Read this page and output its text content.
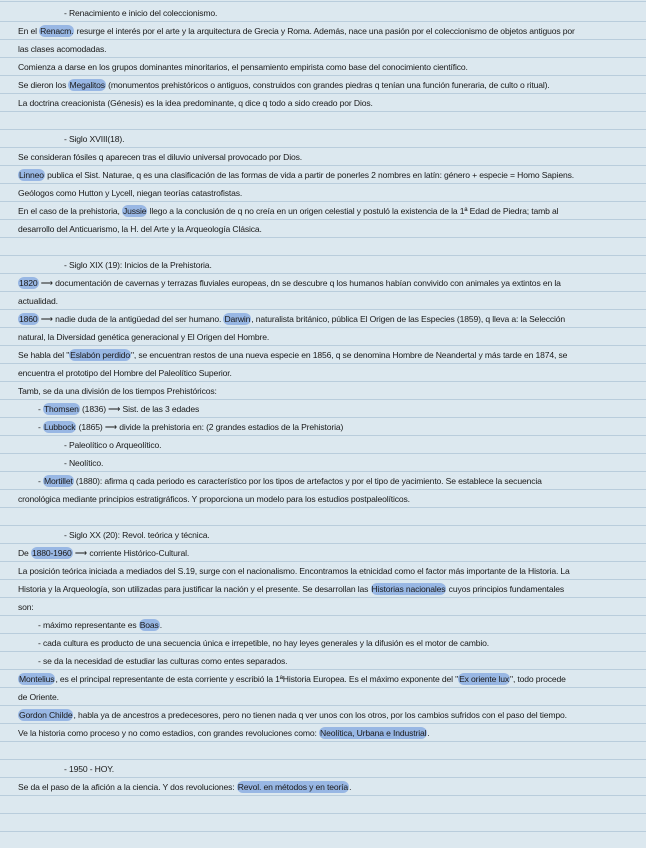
- Renacimiento e inicio del coleccionismo.
En el Renacm. resurge el interés por el arte y la arquitectura de Grecia y Roma. Además, nace una pasión por el coleccionismo de objetos antiguos por
las clases acomodadas.
Comienza a darse en los grupos dominantes minoritarios, el pensamiento empirista como base del conocimiento científico.
Se dieron los Megalitos (monumentos prehistóricos o antiguos, construidos con grandes piedras q tenían una función funeraria, de culto o ritual).
La doctrina creacionista (Génesis) es la idea predominante, q dice q todo a sido creado por Dios.
- Siglo XVIII(18).
Se consideran fósiles q aparecen tras el diluvio universal provocado por Dios.
Linneo publica el Sist. Naturae, q es una clasificación de las formas de vida a partir de ponerles 2 nombres en latín: género + especie = Homo Sapiens.
Geólogos como Hutton y Lycell, niegan teorías catastrofistas.
En el caso de la prehistoria, Jussie llego a la conclusión de q no creía en un origen celestial y postuló la existencia de la 1ª Edad de Piedra; tamb al
desarrollo del Anticuarismo, la H. del Arte y la Arqueología Clásica.
- Siglo XIX (19): Inicios de la Prehistoria.
1820 ⟶ documentación de cavernas y terrazas fluviales europeas, dn se descubre q los humanos habían convivido con animales ya extintos en la
actualidad.
1860 ⟶ nadie duda de la antigüedad del ser humano. Darwin, naturalista británico, pública El Origen de las Especies (1859), q lleva a: la Selección
natural, la Diversidad genética generacional y El Origen del Hombre.
Se habla del "Eslabón perdido", se encuentran restos de una nueva especie en 1856, q se denomina Hombre de Neandertal y más tarde en 1874, se
encuentra el prototipo del Hombre del Paleolítico Superior.
Tamb, se da una división de los tiempos Prehistóricos:
- Thomsen (1836) ⟶ Sist. de las 3 edades
- Lubbock (1865) ⟶ divide la prehistoria en: (2 grandes estadios de la Prehistoria)
- Paleolítico o Arqueolítico.
- Neolítico.
- Mortillet (1880): afirma q cada periodo es característico por los tipos de artefactos y por el tipo de yacimiento. Se establece la secuencia
cronológica mediante principios estratigráficos. Y proporciona un modelo para los estudios postpaleolíticos.
- Siglo XX (20): Revol. teórica y técnica.
De 1880-1960 ⟶ corriente Histórico-Cultural.
La posición teórica iniciada a mediados del S.19, surge con el nacionalismo. Encontramos la etnicidad como el factor más importante de la Historia. La
Historia y la Arqueología, son utilizadas para justificar la nación y el presente. Se desarrollan las Historias nacionales cuyos principios fundamentales
son:
- máximo representante es Boas.
- cada cultura es producto de una secuencia única e irrepetible, no hay leyes generales y la difusión es el motor de cambio.
- se da la necesidad de estudiar las culturas como entes separados.
Montelius, es el principal representante de esta corriente y escribió la 1ªHistoria Europea. Es el máximo exponente del "Ex oriente lux", todo procede
de Oriente.
Gordon Childe, habla ya de ancestros a predecesores, pero no tienen nada q ver unos con los otros, por los cambios sufridos con el paso del tiempo.
Ve la historia como proceso y no como estadios, con grandes revoluciones como: Neolítica, Urbana e Industrial.
- 1950 - HOY.
Se da el paso de la afición a la ciencia. Y dos revoluciones: Revol. en métodos y en teoría.
